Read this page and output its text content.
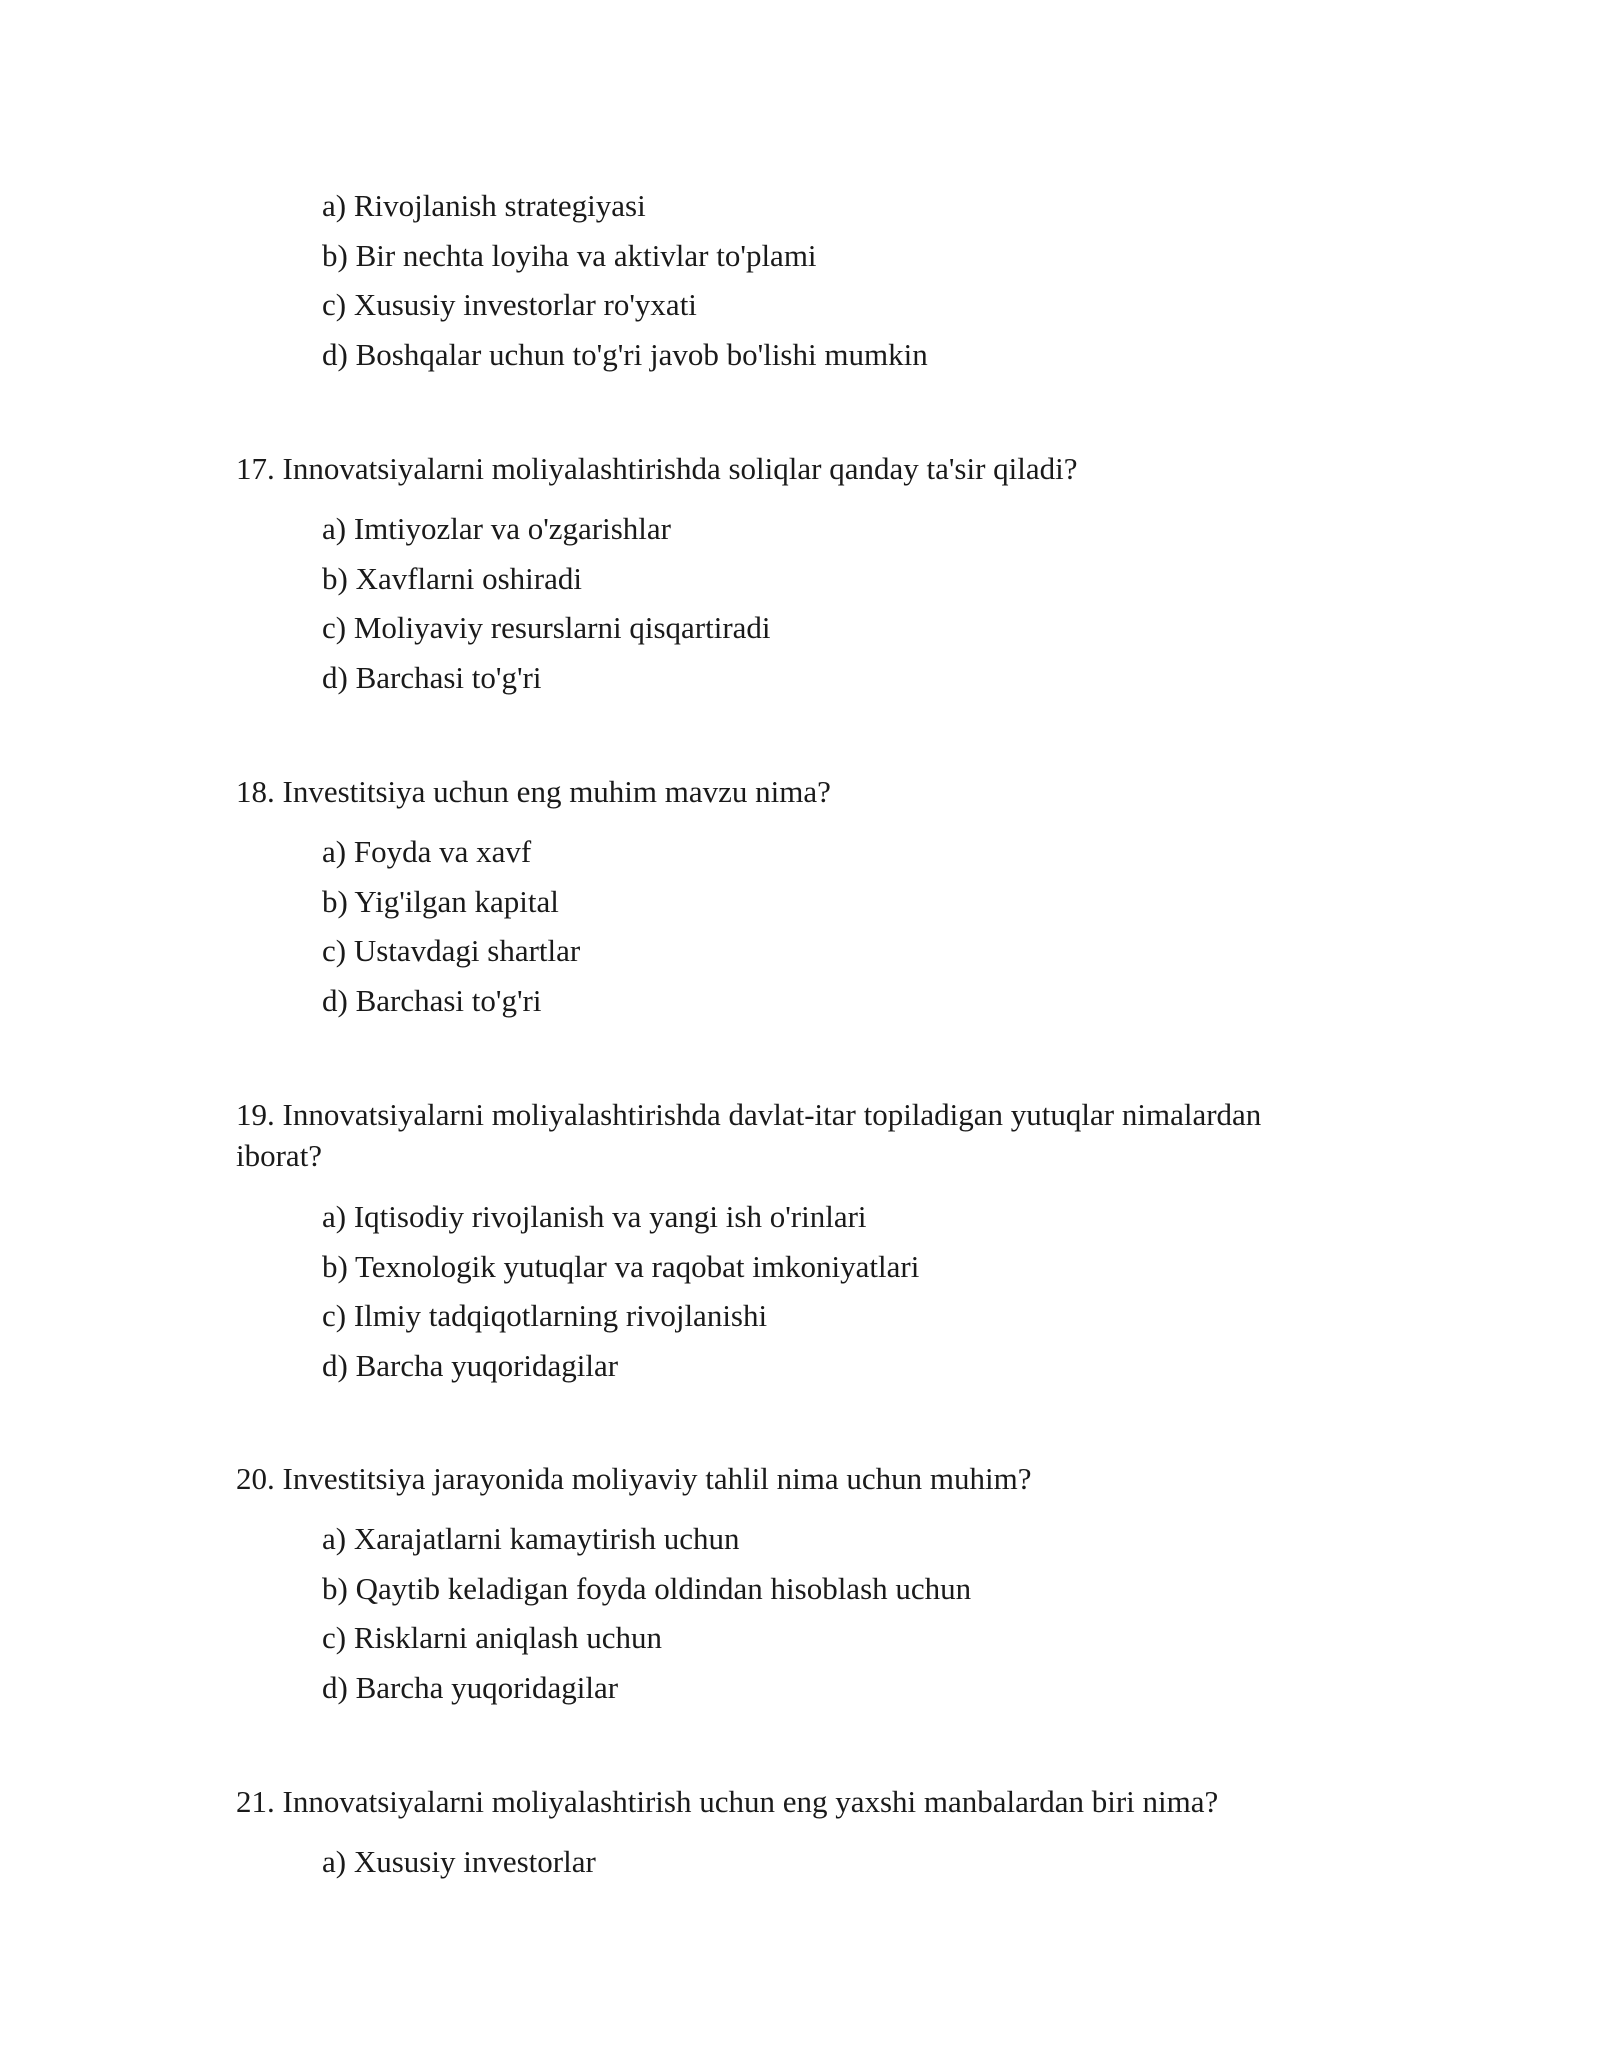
a) Rivojlanish strategiyasi
b) Bir nechta loyiha va aktivlar to'plami
c) Xususiy investorlar ro'yxati
d) Boshqalar uchun to'g'ri javob bo'lishi mumkin

17. Innovatsiyalarni moliyalashtirishda soliqlar qanday ta'sir qiladi?

a) Imtiyozlar va o'zgarishlar
b) Xavflarni oshiradi
c) Moliyaviy resurslarni qisqartiradi
d) Barchasi to'g'ri

18. Investitsiya uchun eng muhim mavzu nima?

a) Foyda va xavf
b) Yig'ilgan kapital
c) Ustavdagi shartlar
d) Barchasi to'g'ri

19. Innovatsiyalarni moliyalashtirishda davlat-itar topiladigan yutuqlar nimalardan iborat?

a) Iqtisodiy rivojlanish va yangi ish o'rinlari
b) Texnologik yutuqlar va raqobat imkoniyatlari
c) Ilmiy tadqiqotlarning rivojlanishi
d) Barcha yuqoridagilar

20. Investitsiya jarayonida moliyaviy tahlil nima uchun muhim?

a) Xarajatlarni kamaytirish uchun
b) Qaytib keladigan foyda oldindan hisoblash uchun
c) Risklarni aniqlash uchun
d) Barcha yuqoridagilar

21. Innovatsiyalarni moliyalashtirish uchun eng yaxshi manbalardan biri nima?

a) Xususiy investorlar
